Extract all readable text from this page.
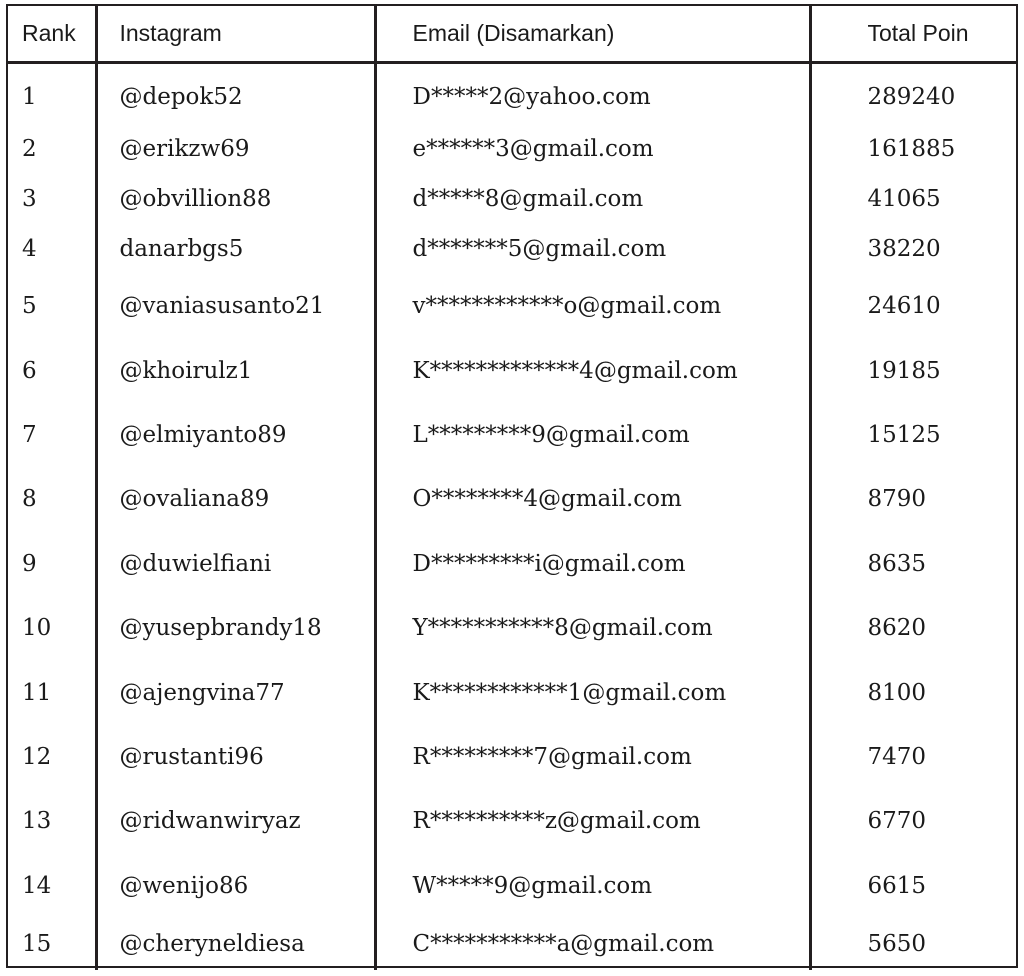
Rank	Instagram	Email (Disamarkan)	Total Poin
1	@depok52	D*****2@yahoo.com	289240
2	@erikzw69	e******3@gmail.com	161885
3	@obvillion88	d*****8@gmail.com	41065
4	danarbgs5	d*******5@gmail.com	38220
5	@vaniasusanto21	v************o@gmail.com	24610
6	@khoirulz1	K*************4@gmail.com	19185
7	@elmiyanto89	L*********9@gmail.com	15125
8	@ovaliana89	O********4@gmail.com	8790
9	@duwielfiani	D*********i@gmail.com	8635
10	@yusepbrandy18	Y***********8@gmail.com	8620
11	@ajengvina77	K************1@gmail.com	8100
12	@rustanti96	R*********7@gmail.com	7470
13	@ridwanwiryaz	R**********z@gmail.com	6770
14	@wenijo86	W*****9@gmail.com	6615
15	@cheryneldiesa	C***********a@gmail.com	5650
